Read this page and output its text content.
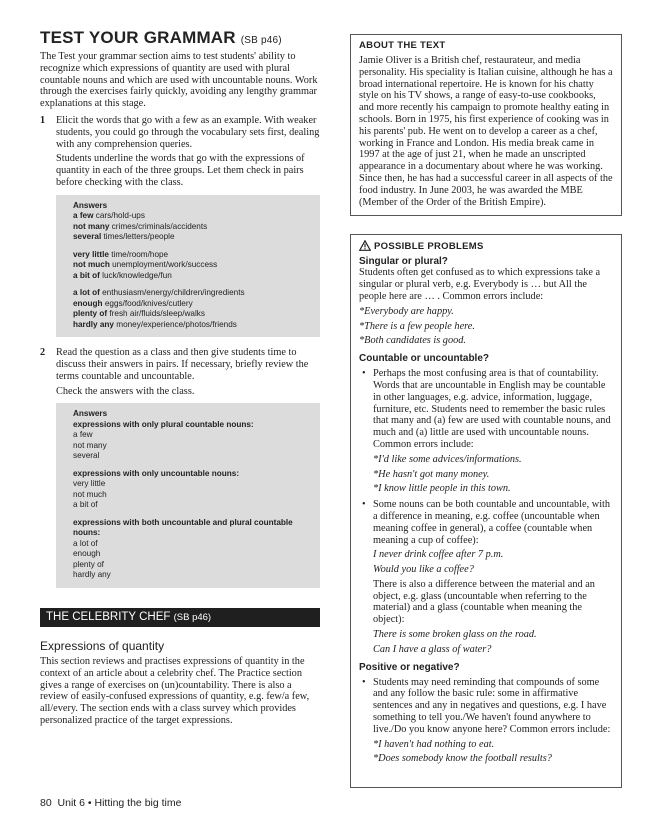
TEST YOUR GRAMMAR (SB p46)

The Test your grammar section aims to test students' ability to recognize which expressions of quantity are used with plural countable nouns and which are used with uncountable nouns. Work through the exercises fairly quickly, avoiding any lengthy grammar explanations at this stage.

1 Elicit the words that go with a few as an example. With weaker students, you could go through the vocabulary sets first, dealing with any comprehension queries.

Students underline the words that go with the expressions of quantity in each of the three groups. Let them check in pairs before checking with the class.

Answers
a few cars/hold-ups
not many crimes/criminals/accidents
several times/letters/people
very little time/room/hope
not much unemployment/work/success
a bit of luck/knowledge/fun
a lot of enthusiasm/energy/children/ingredients
enough eggs/food/knives/cutlery
plenty of fresh air/fluids/sleep/walks
hardly any money/experience/photos/friends
2 Read the question as a class and then give students time to discuss their answers in pairs. If necessary, briefly review the terms countable and uncountable.

Check the answers with the class.

Answers
expressions with only plural countable nouns:
a few
not many
several
expressions with only uncountable nouns:
very little
not much
a bit of
expressions with both uncountable and plural countable nouns:
a lot of
enough
plenty of
hardly any
THE CELEBRITY CHEF (SB p46)
Expressions of quantity

This section reviews and practises expressions of quantity in the context of an article about a celebrity chef. The Practice section gives a range of exercises on (un)countability. There is also a review of easily-confused expressions of quantity, e.g. few/a few, all/every. The section ends with a class survey which provides personalized practice of the target expressions.

ABOUT THE TEXT

Jamie Oliver is a British chef, restaurateur, and media personality. His speciality is Italian cuisine, although he has a broad international repertoire. He is known for his chatty style on his TV shows, a range of easy-to-use cookbooks, and more recently his campaign to promote healthy eating in schools. Born in 1975, his first experience of cooking was in his parents' pub. He went on to develop a career as a chef, working in France and London. His media break came in 1997 at the age of just 21, when he made an unscripted appearance in a documentary about where he was working. Since then, he has had a successful career in all aspects of the food industry. In June 2003, he was awarded the MBE (Member of the Order of the British Empire).

POSSIBLE PROBLEMS
Singular or plural?

Students often get confused as to which expressions take a singular or plural verb, e.g. Everybody is … but All the people here are … . Common errors include:

*Everybody are happy.
*There is a few people here.
*Both candidates is good.
Countable or uncountable?
• Perhaps the most confusing area is that of countability. Words that are uncountable in English may be countable in other languages, e.g. advice, information, luggage, furniture, etc. Students need to remember the basic rules that many and (a) few are used with countable nouns, and much and (a) little are used with uncountable nouns. Common errors include:
*I'd like some advices/informations.
*He hasn't got many money.
*I know little people in this town.
• Some nouns can be both countable and uncountable, with a difference in meaning, e.g. coffee (uncountable when meaning coffee in general), a coffee (countable when meaning a cup of coffee):
I never drink coffee after 7 p.m.
Would you like a coffee?

There is also a difference between the material and an object, e.g. glass (uncountable when referring to the material) and a glass (countable when meaning the object):

There is some broken glass on the road.
Can I have a glass of water?
Positive or negative?
• Students may need reminding that compounds of some and any follow the basic rule: some in affirmative sentences and any in negatives and questions, e.g. I have something to tell you./We haven't found anywhere to live./Do you know anyone here? Common errors include:
*I haven't had nothing to eat.
*Does somebody know the football results?
80 Unit 6 • Hitting the big time
